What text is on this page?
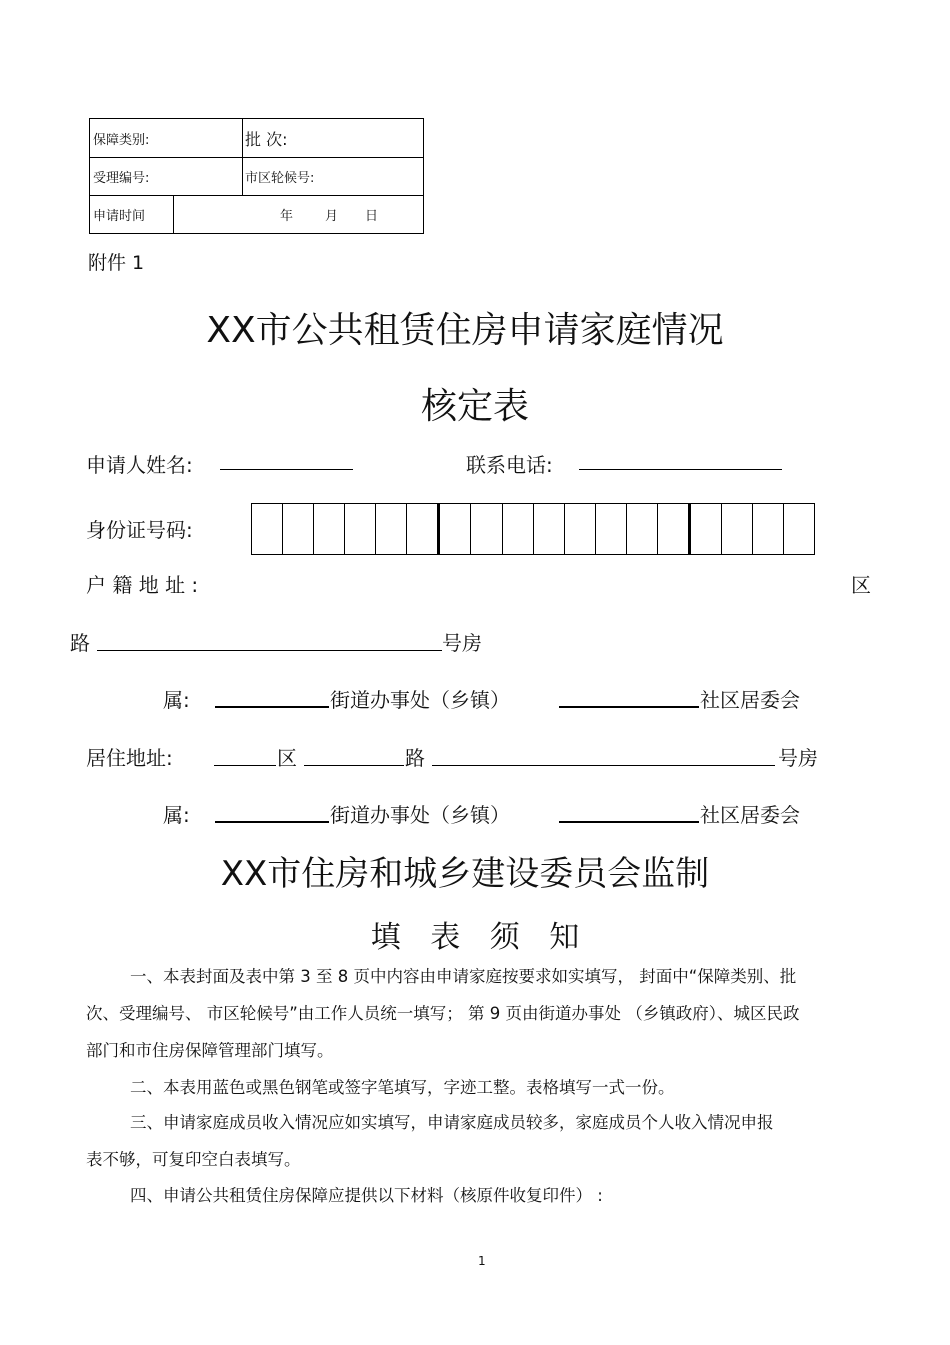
保障类别:	批 次:
受理编号:	市区轮候号:
申请时间	年 月 日
附件 1
XX市公共租赁住房申请家庭情况
核定表
申请人姓名:	联系电话:
身份证号码:
户 籍 地 址 :	区
路	号房
属:	街道办事处（乡镇）	社区居委会
居住地址:	区	路	号房
属:	街道办事处（乡镇）	社区居委会
XX市住房和城乡建设委员会监制
填 表 须 知
一、本表封面及表中第 3 至 8 页中内容由申请家庭按要求如实填写， 封面中“保障类别、批
次、受理编号、 市区轮候号”由工作人员统一填写； 第 9 页由街道办事处 （乡镇政府）、城区民政
部门和市住房保障管理部门填写。
二、本表用蓝色或黑色钢笔或签字笔填写，字迹工整。表格填写一式一份。
三、申请家庭成员收入情况应如实填写，申请家庭成员较多，家庭成员个人收入情况申报
表不够，可复印空白表填写。
四、申请公共租赁住房保障应提供以下材料（核原件收复印件） :
1
